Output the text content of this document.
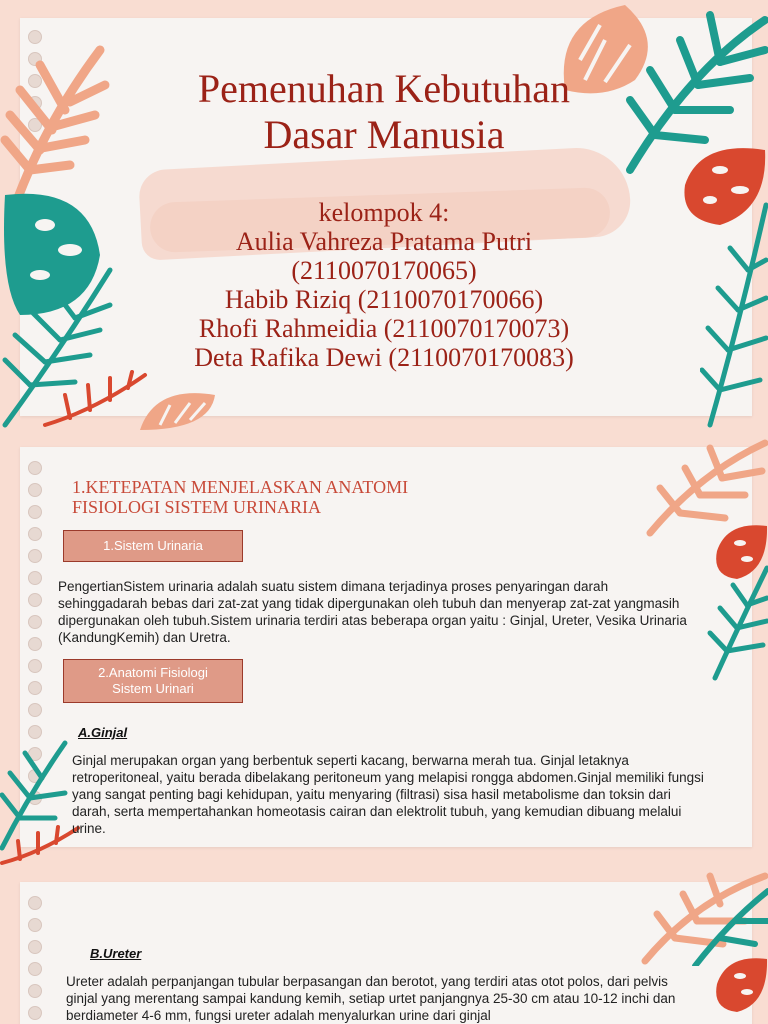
Pemenuhan Kebutuhan
Dasar Manusia
kelompok 4:
Aulia Vahreza Pratama Putri
(2110070170065)
Habib Riziq (2110070170066)
Rhofi Rahmeidia (2110070170073)
Deta Rafika Dewi (2110070170083)
1.KETEPATAN MENJELASKAN ANATOMI
FISIOLOGI SISTEM URINARIA
1.Sistem Urinaria
PengertianSistem urinaria adalah suatu sistem dimana terjadinya proses penyaringan darah sehinggadarah bebas dari zat-zat yang tidak dipergunakan oleh tubuh dan menyerap zat-zat yangmasih dipergunakan oleh tubuh.Sistem urinaria terdiri atas beberapa organ yaitu : Ginjal, Ureter, Vesika Urinaria (KandungKemih) dan Uretra.
2.Anatomi Fisiologi
Sistem Urinari
A.Ginjal
Ginjal merupakan organ yang berbentuk seperti kacang, berwarna merah tua. Ginjal letaknya retroperitoneal, yaitu berada dibelakang peritoneum yang melapisi rongga abdomen.Ginjal memiliki fungsi yang sangat penting bagi kehidupan, yaitu menyaring (filtrasi) sisa hasil metabolisme dan toksin dari darah, serta mempertahankan homeotasis cairan dan elektrolit tubuh, yang kemudian dibuang melalui urine.
B.Ureter
Ureter adalah perpanjangan tubular berpasangan dan berotot, yang terdiri atas otot polos, dari pelvis ginjal yang merentang sampai kandung kemih, setiap urtet panjangnya 25-30 cm atau 10-12 inchi dan berdiameter 4-6 mm, fungsi ureter adalah menyalurkan urine dari ginjal
